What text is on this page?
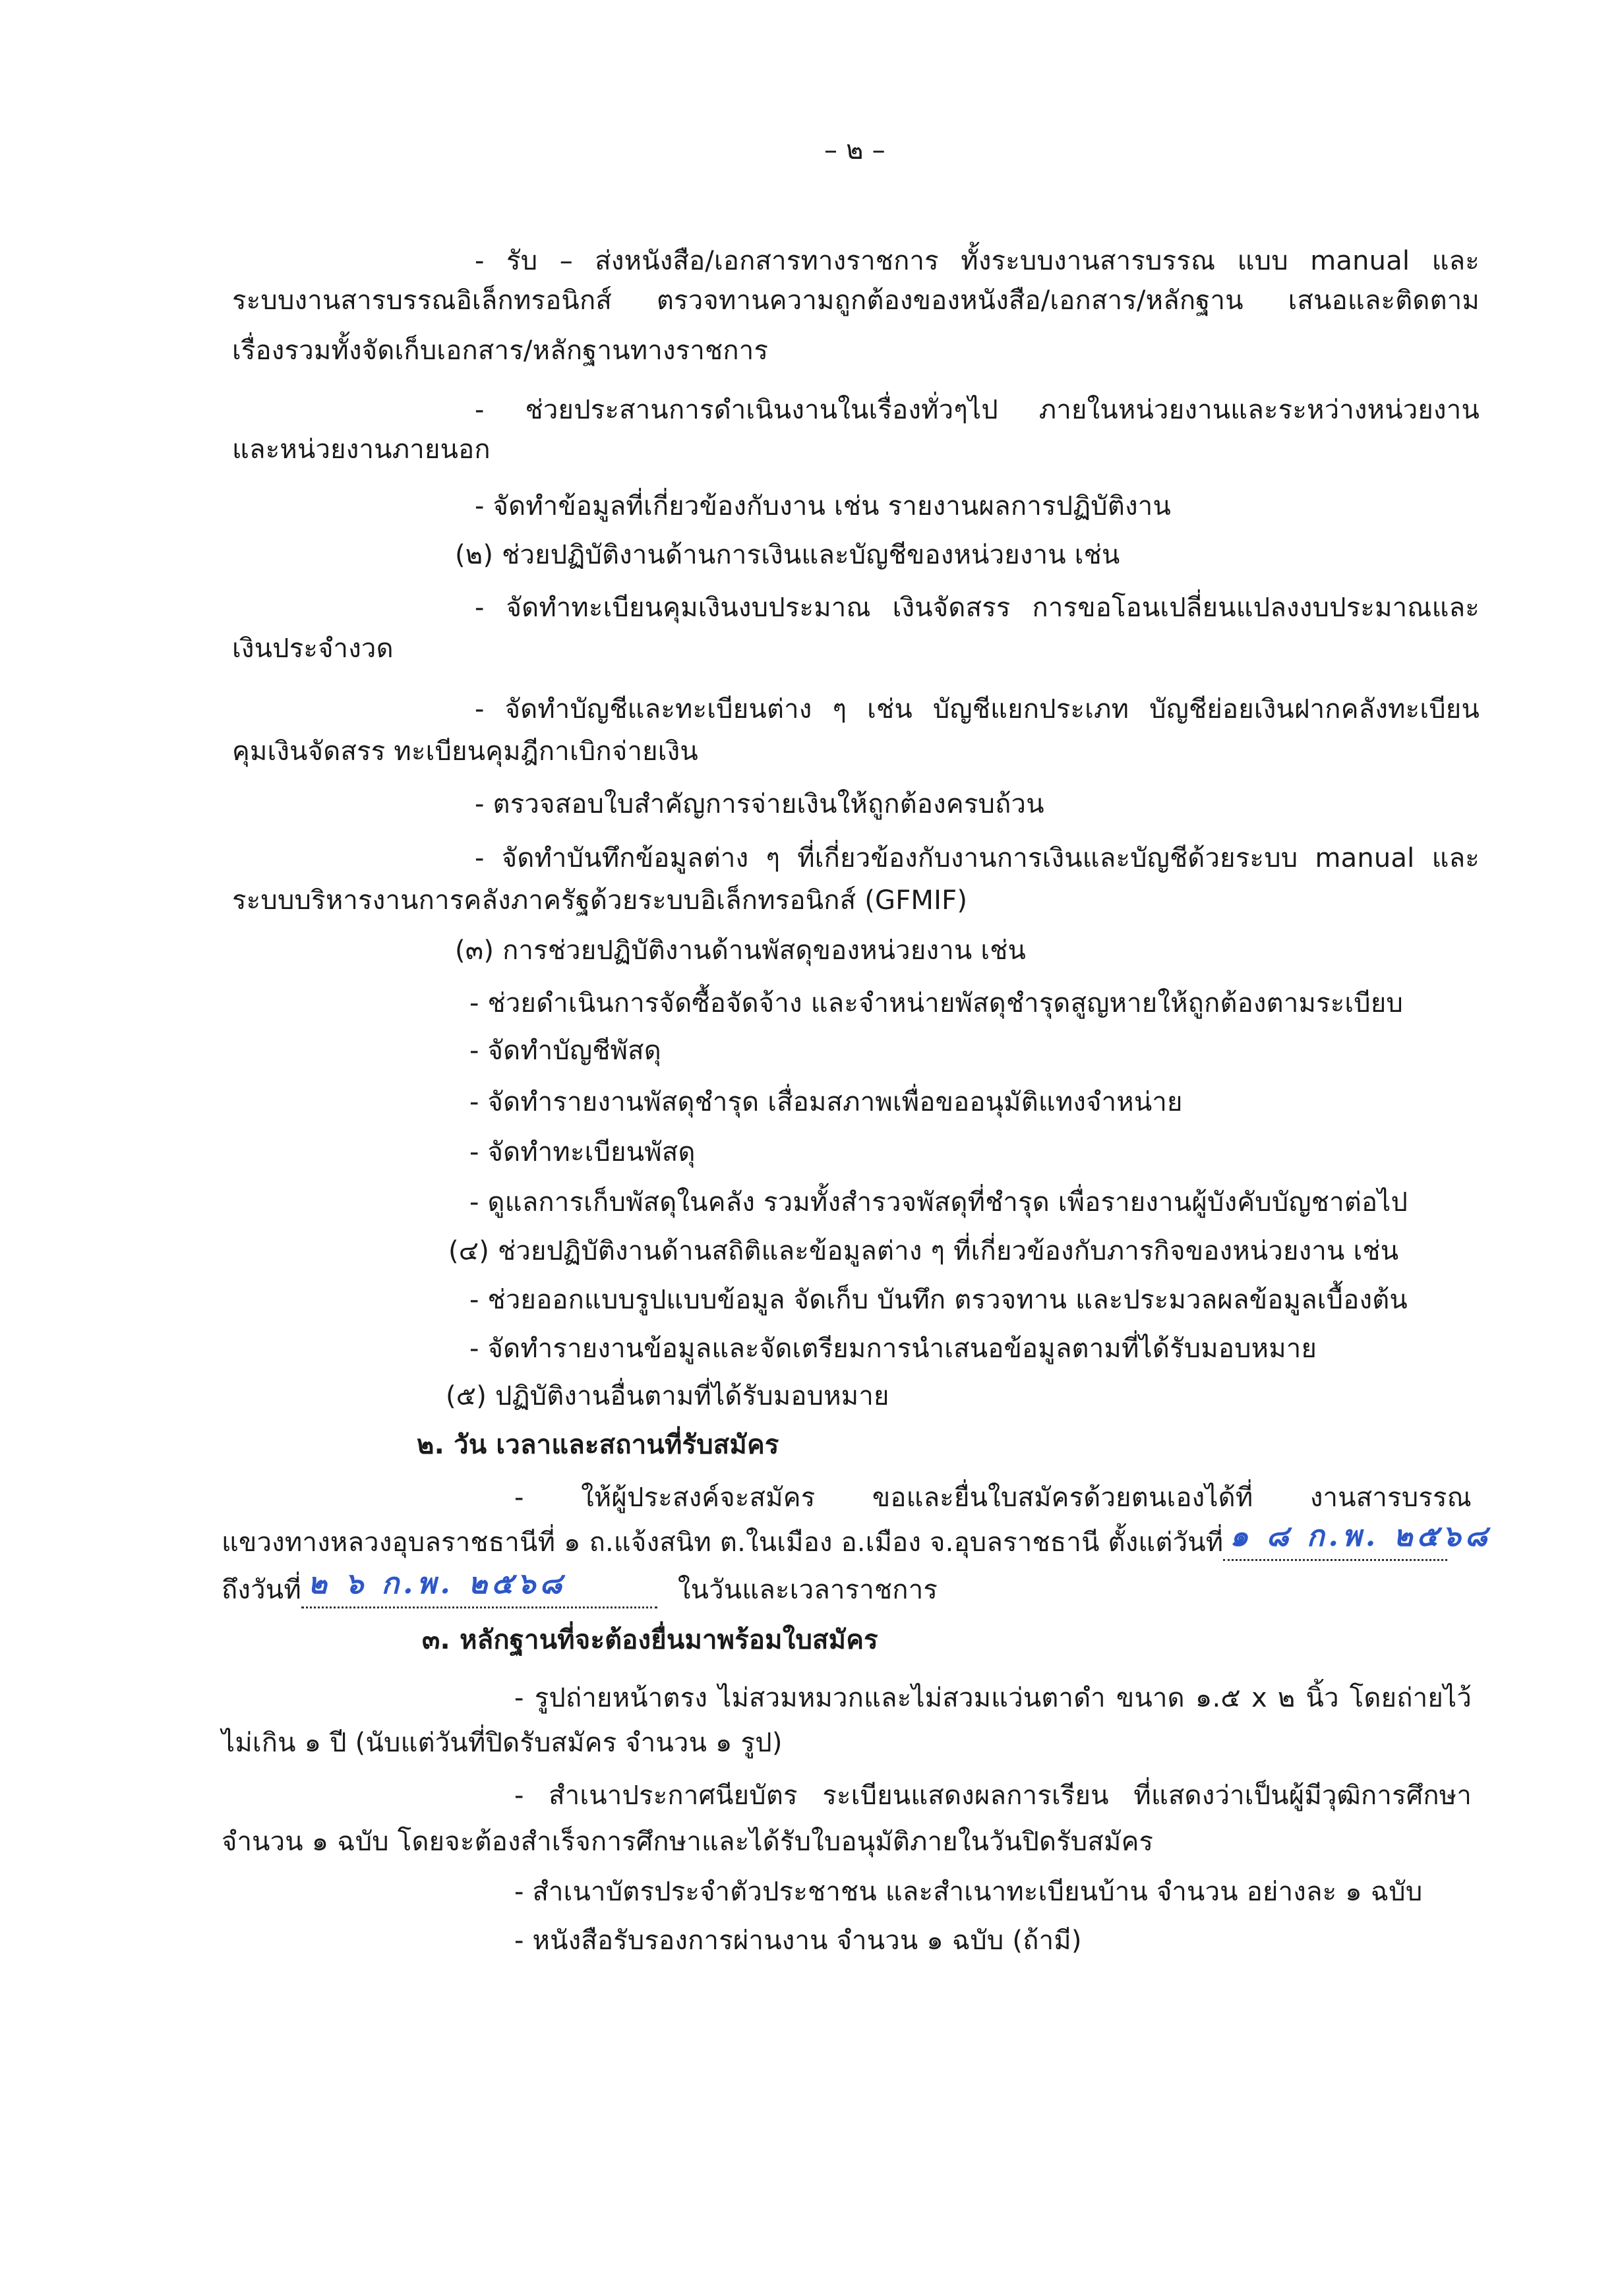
– ๒ –
- รับ – ส่งหนังสือ/เอกสารทางราชการ ทั้งระบบงานสารบรรณ แบบ manual และ
ระบบงานสารบรรณอิเล็กทรอนิกส์ ตรวจทานความถูกต้องของหนังสือ/เอกสาร/หลักฐาน เสนอและติดตาม
เรื่องรวมทั้งจัดเก็บเอกสาร/หลักฐานทางราชการ
- ช่วยประสานการดำเนินงานในเรื่องทั่วๆไป ภายในหน่วยงานและระหว่างหน่วยงาน
และหน่วยงานภายนอก
- จัดทำข้อมูลที่เกี่ยวข้องกับงาน เช่น รายงานผลการปฏิบัติงาน
(๒) ช่วยปฏิบัติงานด้านการเงินและบัญชีของหน่วยงาน เช่น
- จัดทำทะเบียนคุมเงินงบประมาณ เงินจัดสรร การขอโอนเปลี่ยนแปลงงบประมาณและ
เงินประจำงวด
- จัดทำบัญชีและทะเบียนต่าง ๆ เช่น บัญชีแยกประเภท บัญชีย่อยเงินฝากคลังทะเบียน
คุมเงินจัดสรร ทะเบียนคุมฎีกาเบิกจ่ายเงิน
- ตรวจสอบใบสำคัญการจ่ายเงินให้ถูกต้องครบถ้วน
- จัดทำบันทึกข้อมูลต่าง ๆ ที่เกี่ยวข้องกับงานการเงินและบัญชีด้วยระบบ manual และ
ระบบบริหารงานการคลังภาครัฐด้วยระบบอิเล็กทรอนิกส์ (GFMIF)
(๓) การช่วยปฏิบัติงานด้านพัสดุของหน่วยงาน เช่น
- ช่วยดำเนินการจัดซื้อจัดจ้าง และจำหน่ายพัสดุชำรุดสูญหายให้ถูกต้องตามระเบียบ
- จัดทำบัญชีพัสดุ
- จัดทำรายงานพัสดุชำรุด เสื่อมสภาพเพื่อขออนุมัติแทงจำหน่าย
- จัดทำทะเบียนพัสดุ
- ดูแลการเก็บพัสดุในคลัง รวมทั้งสำรวจพัสดุที่ชำรุด เพื่อรายงานผู้บังคับบัญชาต่อไป
(๔) ช่วยปฏิบัติงานด้านสถิติและข้อมูลต่าง ๆ ที่เกี่ยวข้องกับภารกิจของหน่วยงาน เช่น
- ช่วยออกแบบรูปแบบข้อมูล จัดเก็บ บันทึก ตรวจทาน และประมวลผลข้อมูลเบื้องต้น
- จัดทำรายงานข้อมูลและจัดเตรียมการนำเสนอข้อมูลตามที่ได้รับมอบหมาย
(๕) ปฏิบัติงานอื่นตามที่ได้รับมอบหมาย
๒. วัน เวลาและสถานที่รับสมัคร
- ให้ผู้ประสงค์จะสมัคร ขอและยื่นใบสมัครด้วยตนเองได้ที่ งานสารบรรณ
แขวงทางหลวงอุบลราชธานีที่ ๑ ถ.แจ้งสนิท ต.ในเมือง อ.เมือง จ.อุบลราชธานี ตั้งแต่วันที่ ๑ ๘ ก.พ. ๒๕๖๘
ถึงวันที่ ๒ ๖ ก.พ. ๒๕๖๘	ในวันและเวลาราชการ
๓. หลักฐานที่จะต้องยื่นมาพร้อมใบสมัคร
- รูปถ่ายหน้าตรง ไม่สวมหมวกและไม่สวมแว่นตาดำ ขนาด ๑.๕ x ๒ นิ้ว โดยถ่ายไว้
ไม่เกิน ๑ ปี (นับแต่วันที่ปิดรับสมัคร จำนวน ๑ รูป)
- สำเนาประกาศนียบัตร ระเบียนแสดงผลการเรียน ที่แสดงว่าเป็นผู้มีวุฒิการศึกษา
จำนวน ๑ ฉบับ โดยจะต้องสำเร็จการศึกษาและได้รับใบอนุมัติภายในวันปิดรับสมัคร
- สำเนาบัตรประจำตัวประชาชน และสำเนาทะเบียนบ้าน จำนวน อย่างละ ๑ ฉบับ
- หนังสือรับรองการผ่านงาน จำนวน ๑ ฉบับ (ถ้ามี)
